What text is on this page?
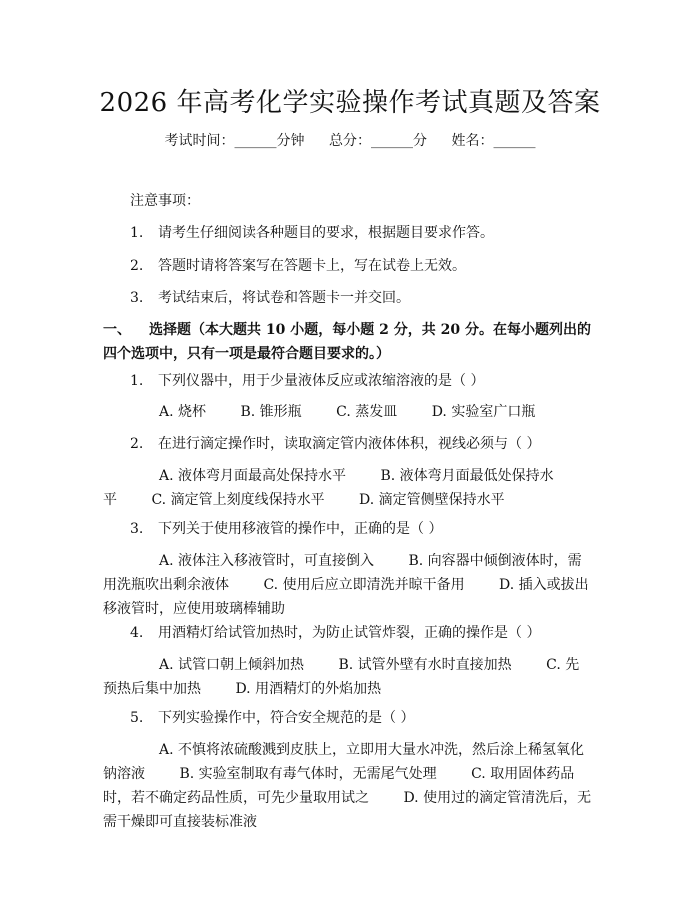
2026 年高考化学实验操作考试真题及答案
考试时间：______分钟 总分：______分 姓名：______
注意事项：
1. 请考生仔细阅读各种题目的要求，根据题目要求作答。
2. 答题时请将答案写在答题卡上，写在试卷上无效。
3. 考试结束后，将试卷和答题卡一并交回。
一、 选择题（本大题共 10 小题，每小题 2 分，共 20 分。在每小题列出的四个选项中，只有一项是最符合题目要求的。）
1. 下列仪器中，用于少量液体反应或浓缩溶液的是（ ）
A. 烧杯 B. 锥形瓶 C. 蒸发皿 D. 实验室广口瓶
2. 在进行滴定操作时，读取滴定管内液体体积，视线必须与（ ）
A. 液体弯月面最高处保持水平 B. 液体弯月面最低处保持水平 C. 滴定管上刻度线保持水平 D. 滴定管侧壁保持水平
3. 下列关于使用移液管的操作中，正确的是（ ）
A. 液体注入移液管时，可直接倒入 B. 向容器中倾倒液体时，需用洗瓶吹出剩余液体 C. 使用后应立即清洗并晾干备用 D. 插入或拔出移液管时，应使用玻璃棒辅助
4. 用酒精灯给试管加热时，为防止试管炸裂，正确的操作是（ ）
A. 试管口朝上倾斜加热 B. 试管外壁有水时直接加热 C. 先预热后集中加热 D. 用酒精灯的外焰加热
5. 下列实验操作中，符合安全规范的是（ ）
A. 不慎将浓硫酸溅到皮肤上，立即用大量水冲洗，然后涂上稀氢氧化钠溶液 B. 实验室制取有毒气体时，无需尾气处理 C. 取用固体药品时，若不确定药品性质，可先少量取用试之 D. 使用过的滴定管清洗后，无需干燥即可直接装标准液
